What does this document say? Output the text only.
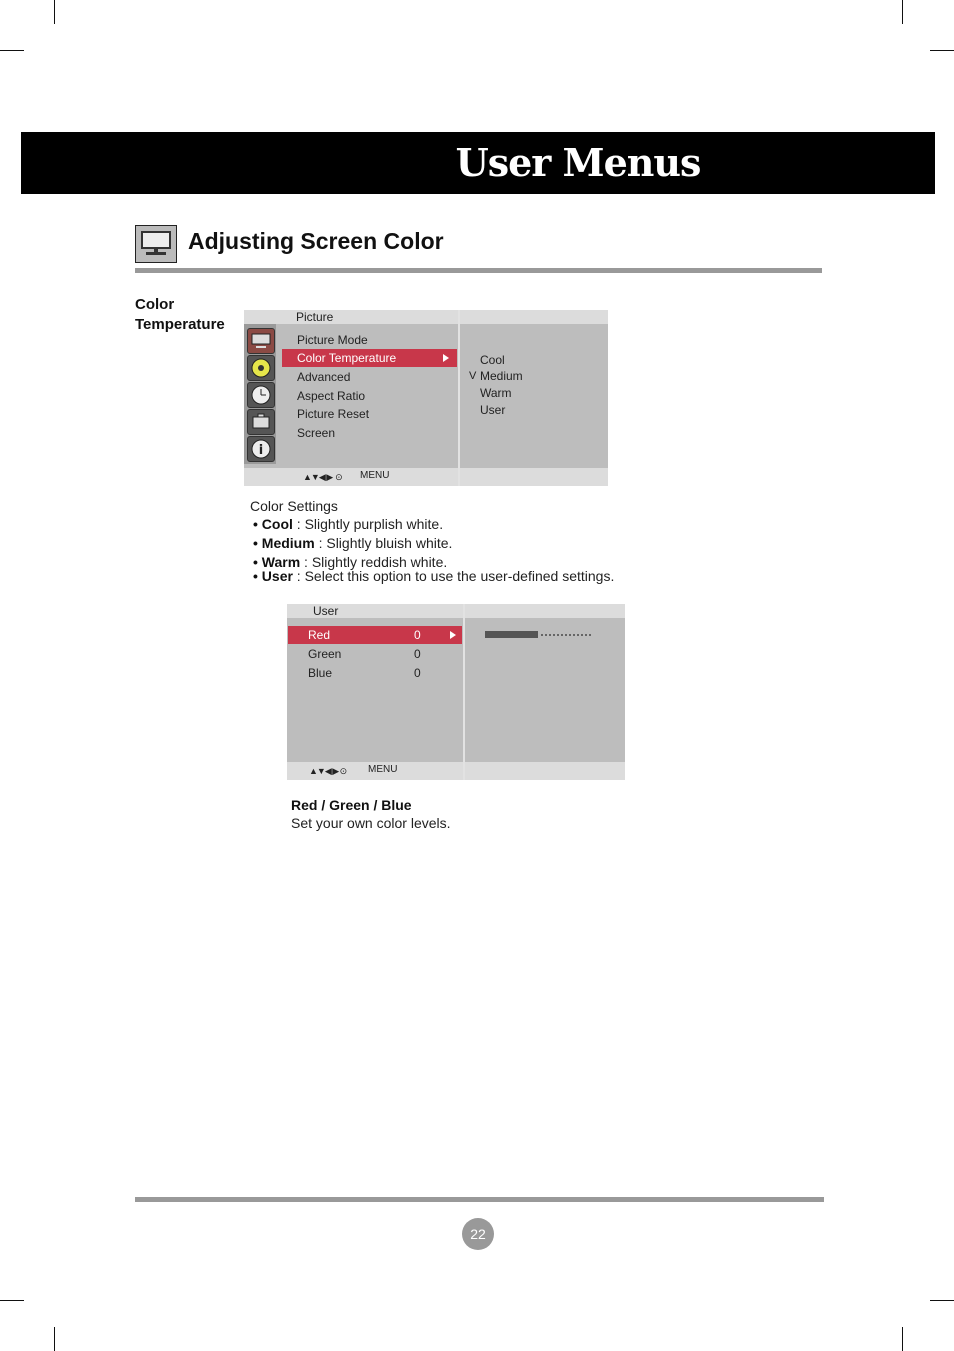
User Menus
Adjusting Screen Color
Color
Temperature	Picture
i
Picture Mode
Color Temperature
Advanced
Aspect Ratio
Picture Reset
Screen
Cool
V Medium
Warm
User
▲▼◀ ▶  ⊙ MENU
Color Settings
• Cool : Slightly purplish white.
• Medium : Slightly bluish white.
• Warm : Slightly reddish white.
• User : Select this option to use the user-defined settings.
User
Red	0
Green	0
Blue	0
▲▼◀ ▶ ⊙ MENU
Red / Green / Blue
Set your own color levels.
22
